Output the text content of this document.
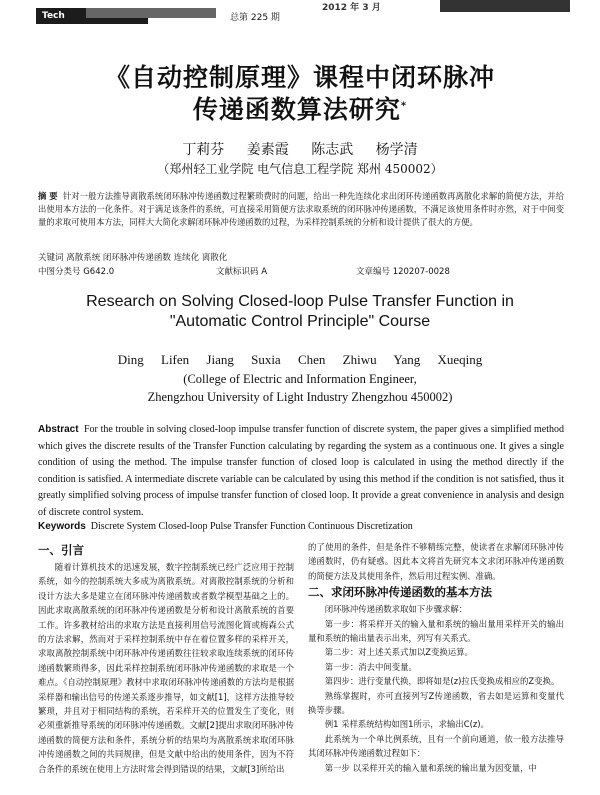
Tech	总第 225 期
2012 年 3 月
《自动控制原理》课程中闭环脉冲
传递函数算法研究*
丁莉芬 姜素霞 陈志武 杨学清
（郑州轻工业学院 电气信息工程学院 郑州 450002）
摘 要 针对一般方法推导离散系统闭环脉冲传递函数过程繁琐费时的问题，给出一种先连续化求出闭环传递函数再离散化求解的简便方法，并给出使用本方法的一化条件。对于满足该条件的系统，可直接采用简便方法求取系统的闭环脉冲传递函数，不满足该使用条件时亦然，对于中间变量的求取可使用本方法，同样大大简化求解闭环脉冲传递函数的过程，为采样控制系统的分析和设计提供了很大的方便。
关键词 离散系统 闭环脉冲传递函数 连续化 离散化
中图分类号 G642.0	文献标识码 A	文章编号 120207-0028
Research on Solving Closed-loop Pulse Transfer Function in
"Automatic Control Principle" Course
Ding Lifen Jiang Suxia Chen Zhiwu Yang Xueqing
(College of Electric and Information Engineer,
Zhengzhou University of Light Industry Zhengzhou 450002)
Abstract For the trouble in solving closed-loop impulse transfer function of discrete system, the paper gives a simplified method which gives the discrete results of the Transfer Function calculating by regarding the system as a continuous one. It gives a single condition of using the method. The impulse transfer function of closed loop is calculated in using the method directly if the condition is satisfied. A intermediate discrete variable can be calculated by using this method if the condition is not satisfied, thus it greatly simplified solving process of impulse transfer function of closed loop. It provide a great convenience in analysis and design of discrete control system.
Keywords Discrete System Closed-loop Pulse Transfer Function Continuous Discretization
一、引言
随着计算机技术的迅速发展，数字控制系统已经广泛应用于控制系统，如今的控制系统大多成为离散系统。对离散控制系统的分析和设计方法大多是建立在闭环脉冲传递函数或者数学模型基础之上的。因此求取离散系统的闭环脉冲传递函数是分析和设计离散系统的首要工作。许多教材给出的求取方法是直接利用信号流图化简或梅森公式的方法求解，然而对于采样控制系统中存在着位置多样的采样开关，求取离散控制系统中闭环脉冲传递函数往往较求取连续系统的闭环传递函数繁琐得多，因此采样控制系统闭环脉冲传递函数的求取是一个难点。《自动控制原理》教材中求取闭环脉冲传递函数的方法均是根据采样器和输出信号的传递关系逐步推导，如文献[1]，这样方法推导较繁琐，并且对于相同结构的系统，若采样开关的位置发生了变化，则必须重新推导系统的闭环脉冲传递函数。文献[2]提出求取闭环脉冲传递函数的简便方法和条件，系统分析的结果均为离散系统求取闭环脉冲传递函数之间的共同规律，但是文献中给出的使用条件，因为不符合条件的系统在使用上方法时常会得到错误的结果，文献[3]所给出
的了使用的条件，但是条件不够精练完整，使读者在求解闭环脉冲传递函数时，仍有疑惑。因此本文将首先研究本文求闭环脉冲传递函数的简便方法及其使用条件，然后用过程实例、准确。
二、求闭环脉冲传递函数的基本方法
闭环脉冲传递函数求取如下步骤求解：
第一步：将采样开关的输入量和系统的输出量用采样开关的输出量和系统的输出量表示出来，列写有关系式。
第二步：对上述关系式加以Z变换运算。
第一步：消去中间变量。
第四步：进行变量代换，即将如是(z)拉氏变换成相应的Z变换。
熟练掌握时，亦可直接列写Z传递函数，省去如是运算和变量代换等步骤。
例1 采样系统结构如图1所示，求输出C(z)。
此系统为一个单比例系统，且有一个前向通道，依一般方法推导其闭环脉冲传递函数过程如下：
第一步 以采样开关的输入量和系统的输出量为因变量，中
